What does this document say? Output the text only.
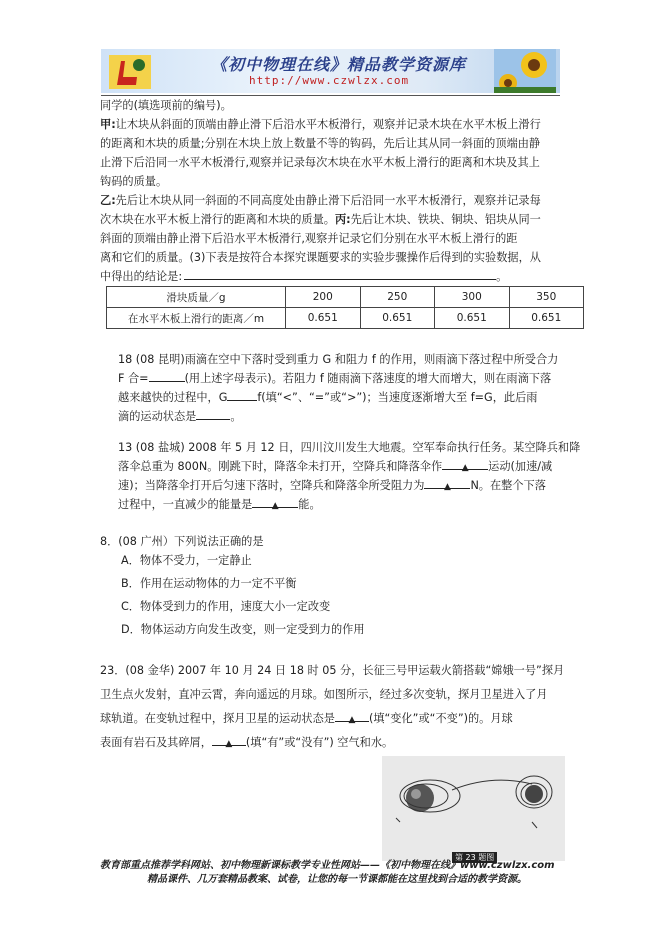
《初中物理在线》精品教学资源库
http://www.czwlzx.com
同学的(填选项前的编号)。
甲:让木块从斜面的顶端由静止滑下后沿水平木板滑行，观察并记录木块在水平木板上滑行
的距离和木块的质量;分别在木块上放上数量不等的钩码，先后让其从同一斜面的顶端由静
止滑下后沿同一水平木板滑行,观察并记录每次木块在水平木板上滑行的距离和木块及其上
钩码的质量。
乙:先后让木块从同一斜面的不同高度处由静止滑下后沿同一水平木板滑行，观察并记录每
次木块在水平木板上滑行的距离和木块的质量。丙:先后让木块、铁块、铜块、铝块从同一
斜面的顶端由静止滑下后沿水平木板滑行,观察并记录它们分别在水平木板上滑行的距
离和它们的质量。(3)下表是按符合本探究课题要求的实验步骤操作后得到的实验数据，从
中得出的结论是:	。
滑块质量／g	200	250	300	350
在水平木板上滑行的距离／m	0.651	0.651	0.651	0.651
18 (08 昆明)雨滴在空中下落时受到重力 G 和阻力 f 的作用，则雨滴下落过程中所受合力
F 合=	(用上述字母表示)。若阻力 f 随雨滴下落速度的增大而增大，则在雨滴下落
越来越快的过程中，G	f(填“<”、“=”或“>”)；当速度逐渐增大至 f=G，此后雨
滴的运动状态是	。
13 (08 盐城) 2008 年 5 月 12 日，四川汶川发生大地震。空军奉命执行任务。某空降兵和降
落伞总重为 800N。刚跳下时，降落伞未打开，空降兵和降落伞作 ▲ 运动(加速/减
速)；当降落伞打开后匀速下落时，空降兵和降落伞所受阻力为 ▲ N。在整个下落
过程中，一直减少的能量是 ▲ 能。
8．(08 广州）下列说法正确的是
A．物体不受力，一定静止
B．作用在运动物体的力一定不平衡
C．物体受到力的作用，速度大小一定改变
D．物体运动方向发生改变，则一定受到力的作用
23．(08 金华) 2007 年 10 月 24 日 18 时 05 分，长征三号甲运载火箭搭载“嫦娥一号”探月
卫生点火发射，直冲云霄，奔向遥远的月球。如图所示，经过多次变轨，探月卫星进入了月
球轨道。在变轨过程中，探月卫星的运动状态是 ▲ (填“变化”或“不变”)的。月球
表面有岩石及其碎屑， ▲ (填“有”或“没有”) 空气和水。
第 23 题图
教育部重点推荐学科网站、初中物理新课标教学专业性网站——《初中物理在线》www.czwlzx.com
精品课件、几万套精品教案、试卷，让您的每一节课都能在这里找到合适的教学资源。
